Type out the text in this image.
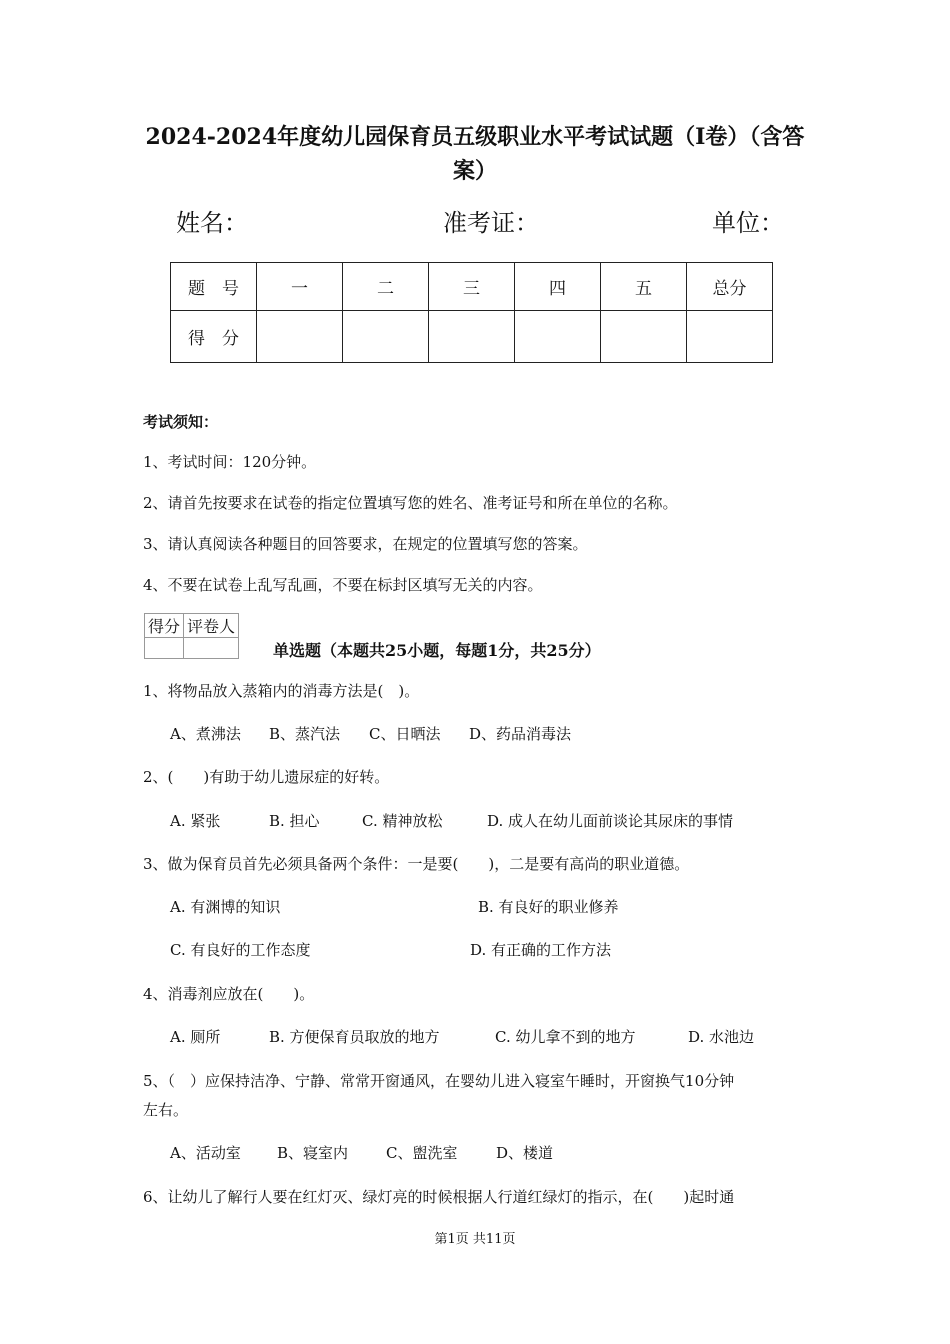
2024-2024年度幼儿园保育员五级职业水平考试试题（I卷）（含答案）
姓名：	准考证：	单位：
题　号	一	二	三	四	五	总分
得　分						
考试须知：
1、考试时间：120分钟。
2、请首先按要求在试卷的指定位置填写您的姓名、准考证号和所在单位的名称。
3、请认真阅读各种题目的回答要求，在规定的位置填写您的答案。
4、不要在试卷上乱写乱画，不要在标封区填写无关的内容。
得分	评卷人

单选题（本题共25小题，每题1分，共25分）
1、将物品放入蒸箱内的消毒方法是(　)。
A、煮沸法 B、蒸汽法 C、日晒法 D、药品消毒法
2、(　　)有助于幼儿遗尿症的好转。
A. 紧张	B. 担心	C. 精神放松	D. 成人在幼儿面前谈论其尿床的事情
3、做为保育员首先必须具备两个条件：一是要(　　)，二是要有高尚的职业道德。
A. 有渊博的知识	B. 有良好的职业修养
C. 有良好的工作态度	D. 有正确的工作方法
4、消毒剂应放在(　　)。
A. 厕所	B. 方便保育员取放的地方	C. 幼儿拿不到的地方	D. 水池边
5、（　）应保持洁净、宁静、常常开窗通风，在婴幼儿进入寝室午睡时，开窗换气10分钟
左右。
A、活动室 B、寝室内	C、盥洗室	D、楼道
6、让幼儿了解行人要在红灯灭、绿灯亮的时候根据人行道红绿灯的指示，在(　　)起时通
第1页 共11页
